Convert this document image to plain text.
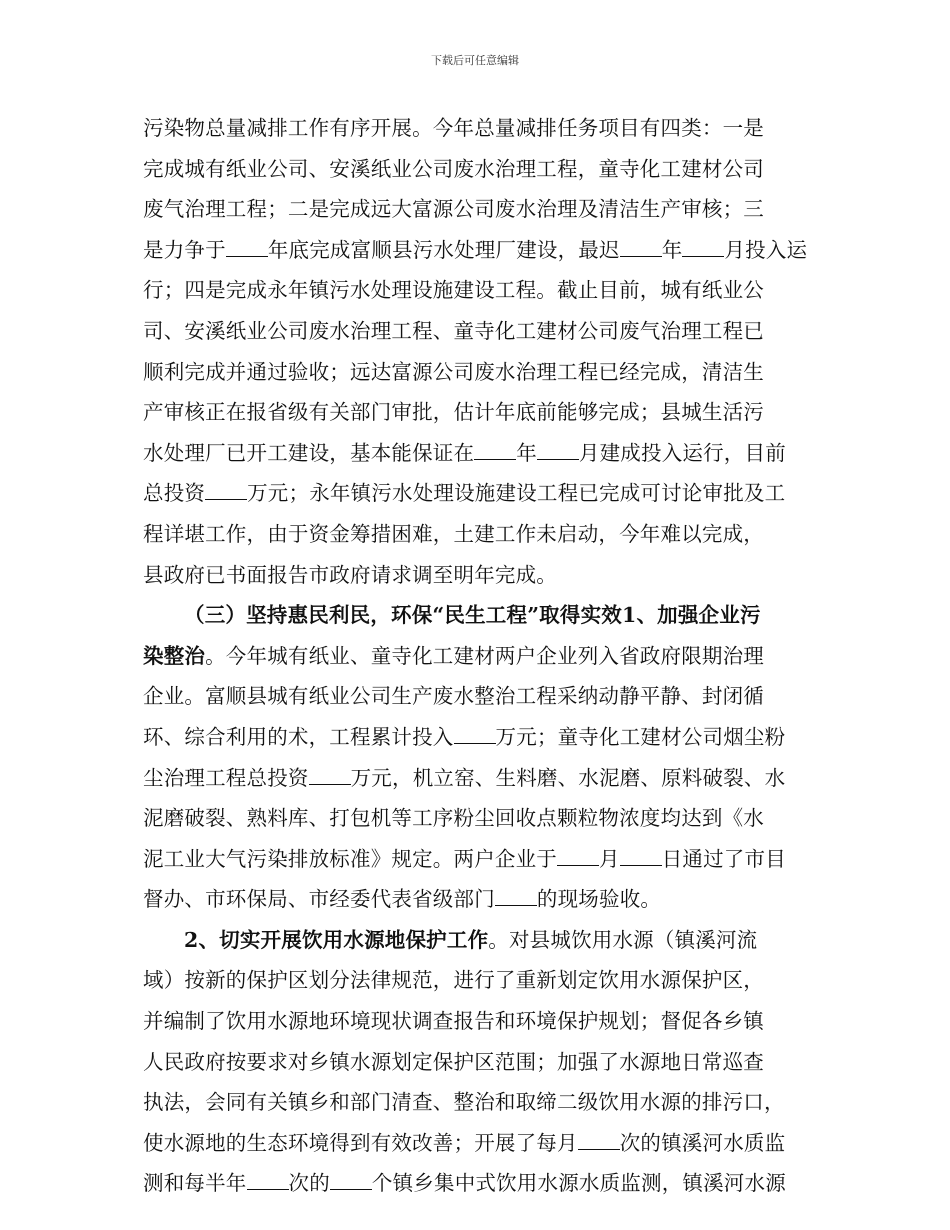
下载后可任意编辑
污染物总量减排工作有序开展。今年总量减排任务项目有四类：一是
完成城有纸业公司、安溪纸业公司废水治理工程，童寺化工建材公司
废气治理工程；二是完成远大富源公司废水治理及清洁生产审核；三
是力争于 年底完成富顺县污水处理厂建设，最迟 年 月投入运
行；四是完成永年镇污水处理设施建设工程。截止目前，城有纸业公
司、安溪纸业公司废水治理工程、童寺化工建材公司废气治理工程已
顺利完成并通过验收；远达富源公司废水治理工程已经完成，清洁生
产审核正在报省级有关部门审批，估计年底前能够完成；县城生活污
水处理厂已开工建设，基本能保证在 年 月建成投入运行，目前
总投资 万元；永年镇污水处理设施建设工程已完成可讨论审批及工
程详堪工作，由于资金筹措困难，土建工作未启动，今年难以完成，
县政府已书面报告市政府请求调至明年完成。
（三）坚持惠民利民，环保“民生工程”取得实效1、加强企业污
染整治。今年城有纸业、童寺化工建材两户企业列入省政府限期治理
企业。富顺县城有纸业公司生产废水整治工程采纳动静平静、封闭循
环、综合利用的术，工程累计投入 万元；童寺化工建材公司烟尘粉
尘治理工程总投资 万元，机立窑、生料磨、水泥磨、原料破裂、水
泥磨破裂、熟料库、打包机等工序粉尘回收点颗粒物浓度均达到《水
泥工业大气污染排放标准》规定。两户企业于 月 日通过了市目
督办、市环保局、市经委代表省级部门 的现场验收。
2、切实开展饮用水源地保护工作。对县城饮用水源（镇溪河流
域）按新的保护区划分法律规范，进行了重新划定饮用水源保护区，
并编制了饮用水源地环境现状调查报告和环境保护规划；督促各乡镇
人民政府按要求对乡镇水源划定保护区范围；加强了水源地日常巡查
执法，会同有关镇乡和部门清查、整治和取缔二级饮用水源的排污口，
使水源地的生态环境得到有效改善；开展了每月 次的镇溪河水质监
测和每半年 次的 个镇乡集中式饮用水源水质监测，镇溪河水源
